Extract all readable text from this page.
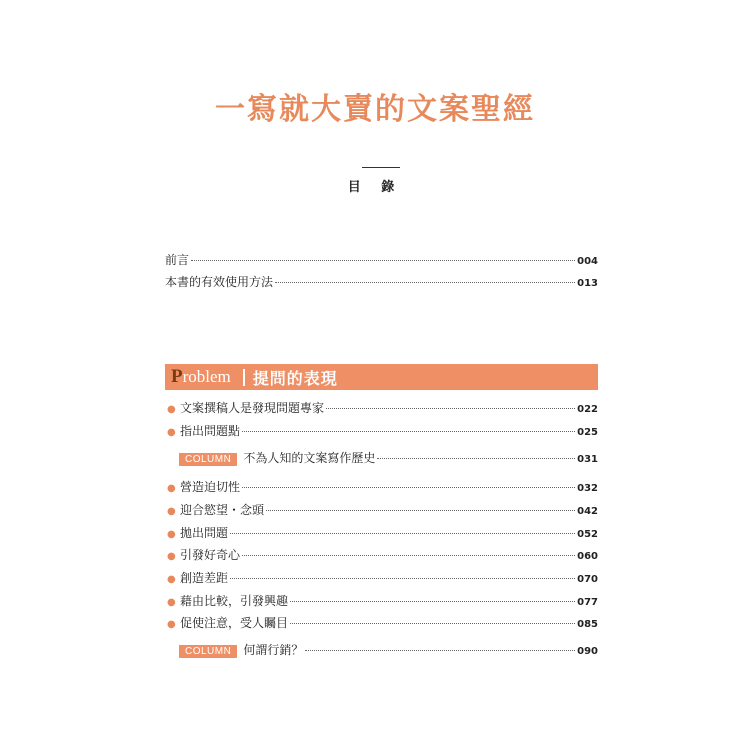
一寫就大賣的文案聖經
目 錄
前言	004
本書的有效使用方法	013
Problem 提問的表現
● 文案撰稿人是發現問題專家	022
● 指出問題點	025
COLUMN	不為人知的文案寫作歷史	031
● 營造迫切性	032
● 迎合慾望・念頭	042
● 拋出問題	052
● 引發好奇心	060
● 創造差距	070
● 藉由比較，引發興趣	077
● 促使注意，受人矚目	085
COLUMN	何謂行銷？	090
